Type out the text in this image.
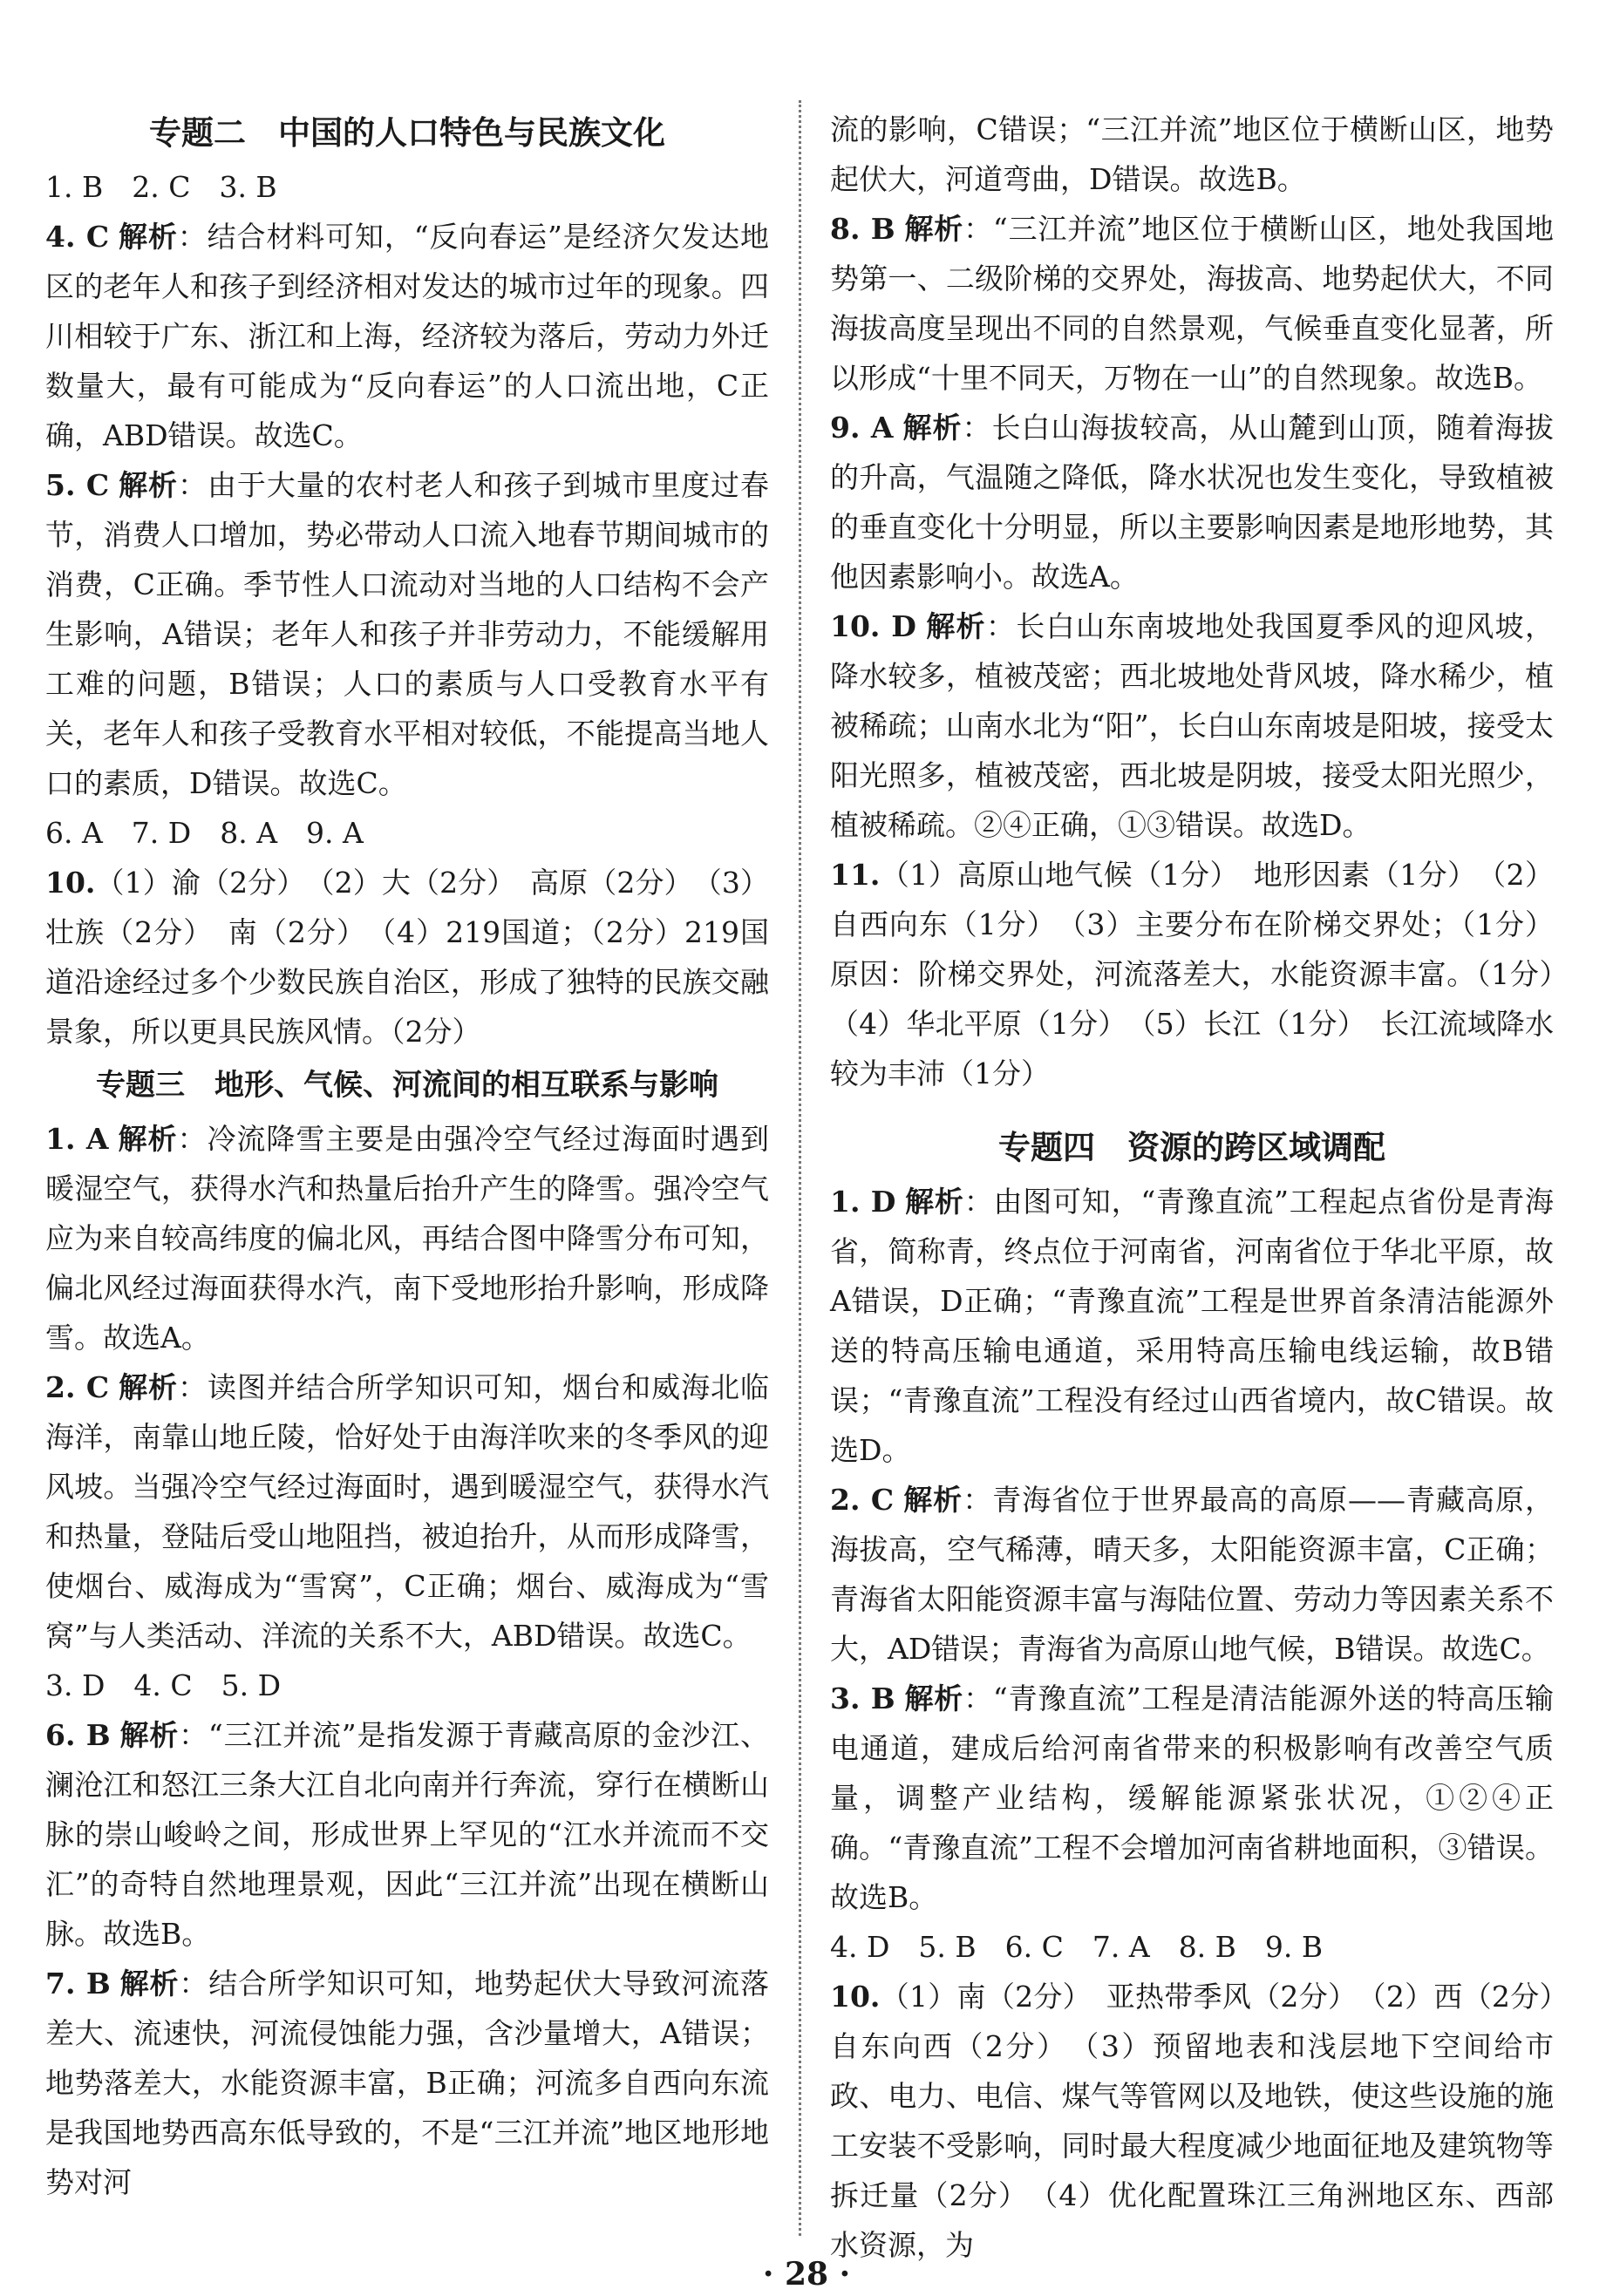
专题二　中国的人口特色与民族文化

1. B　2. C　3. B

4. C 解析：结合材料可知，“反向春运”是经济欠发达地区的老年人和孩子到经济相对发达的城市过年的现象。四川相较于广东、浙江和上海，经济较为落后，劳动力外迁数量大，最有可能成为“反向春运”的人口流出地，C正确，ABD错误。故选C。

5. C 解析：由于大量的农村老人和孩子到城市里度过春节，消费人口增加，势必带动人口流入地春节期间城市的消费，C正确。季节性人口流动对当地的人口结构不会产生影响，A错误；老年人和孩子并非劳动力，不能缓解用工难的问题，B错误；人口的素质与人口受教育水平有关，老年人和孩子受教育水平相对较低，不能提高当地人口的素质，D错误。故选C。

6. A　7. D　8. A　9. A

10.（1）渝（2分）　（2）大（2分）　高原（2分）　（3）壮族（2分）　南（2分）　（4）219国道；（2分）219国道沿途经过多个少数民族自治区，形成了独特的民族交融景象，所以更具民族风情。（2分）

专题三　地形、气候、河流间的相互联系与影响

1. A 解析：冷流降雪主要是由强冷空气经过海面时遇到暖湿空气，获得水汽和热量后抬升产生的降雪。强冷空气应为来自较高纬度的偏北风，再结合图中降雪分布可知，偏北风经过海面获得水汽，南下受地形抬升影响，形成降雪。故选A。

2. C 解析：读图并结合所学知识可知，烟台和威海北临海洋，南靠山地丘陵，恰好处于由海洋吹来的冬季风的迎风坡。当强冷空气经过海面时，遇到暖湿空气，获得水汽和热量，登陆后受山地阻挡，被迫抬升，从而形成降雪，使烟台、威海成为“雪窝”，C正确；烟台、威海成为“雪窝”与人类活动、洋流的关系不大，ABD错误。故选C。

3. D　4. C　5. D

6. B 解析：“三江并流”是指发源于青藏高原的金沙江、澜沧江和怒江三条大江自北向南并行奔流，穿行在横断山脉的崇山峻岭之间，形成世界上罕见的“江水并流而不交汇”的奇特自然地理景观，因此“三江并流”出现在横断山脉。故选B。

7. B 解析：结合所学知识可知，地势起伏大导致河流落差大、流速快，河流侵蚀能力强，含沙量增大，A错误；地势落差大，水能资源丰富，B正确；河流多自西向东流是我国地势西高东低导致的，不是“三江并流”地区地形地势对河

流的影响，C错误；“三江并流”地区位于横断山区，地势起伏大，河道弯曲，D错误。故选B。

8. B 解析：“三江并流”地区位于横断山区，地处我国地势第一、二级阶梯的交界处，海拔高、地势起伏大，不同海拔高度呈现出不同的自然景观，气候垂直变化显著，所以形成“十里不同天，万物在一山”的自然现象。故选B。

9. A 解析：长白山海拔较高，从山麓到山顶，随着海拔的升高，气温随之降低，降水状况也发生变化，导致植被的垂直变化十分明显，所以主要影响因素是地形地势，其他因素影响小。故选A。

10. D 解析：长白山东南坡地处我国夏季风的迎风坡，降水较多，植被茂密；西北坡地处背风坡，降水稀少，植被稀疏；山南水北为“阳”，长白山东南坡是阳坡，接受太阳光照多，植被茂密，西北坡是阴坡，接受太阳光照少，植被稀疏。②④正确，①③错误。故选D。

11.（1）高原山地气候（1分）　地形因素（1分）　（2）自西向东（1分）　（3）主要分布在阶梯交界处；（1分）原因：阶梯交界处，河流落差大，水能资源丰富。（1分）　（4）华北平原（1分）　（5）长江（1分）　长江流域降水较为丰沛（1分）

专题四　资源的跨区域调配

1. D 解析：由图可知，“青豫直流”工程起点省份是青海省，简称青，终点位于河南省，河南省位于华北平原，故A错误，D正确；“青豫直流”工程是世界首条清洁能源外送的特高压输电通道，采用特高压输电线运输，故B错误；“青豫直流”工程没有经过山西省境内，故C错误。故选D。

2. C 解析：青海省位于世界最高的高原——青藏高原，海拔高，空气稀薄，晴天多，太阳能资源丰富，C正确；青海省太阳能资源丰富与海陆位置、劳动力等因素关系不大，AD错误；青海省为高原山地气候，B错误。故选C。

3. B 解析：“青豫直流”工程是清洁能源外送的特高压输电通道，建成后给河南省带来的积极影响有改善空气质量，调整产业结构，缓解能源紧张状况，①②④正确。“青豫直流”工程不会增加河南省耕地面积，③错误。故选B。

4. D　5. B　6. C　7. A　8. B　9. B

10.（1）南（2分）　亚热带季风（2分）　（2）西（2分）　自东向西（2分）　（3）预留地表和浅层地下空间给市政、电力、电信、煤气等管网以及地铁，使这些设施的施工安装不受影响，同时最大程度减少地面征地及建筑物等拆迁量（2分）　（4）优化配置珠江三角洲地区东、西部水资源，为

· 28 ·
